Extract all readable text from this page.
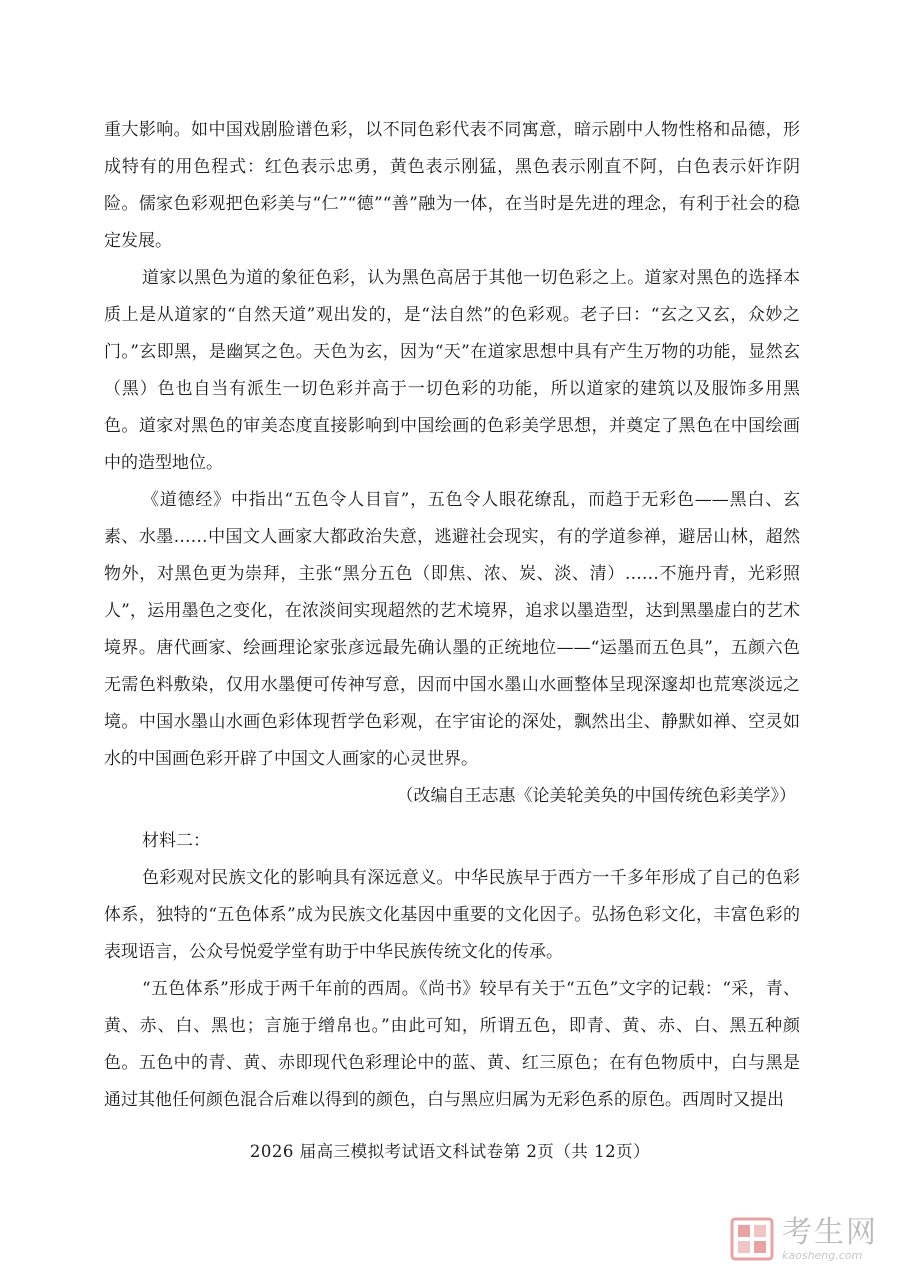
重大影响。如中国戏剧脸谱色彩，以不同色彩代表不同寓意，暗示剧中人物性格和品德，形成特有的用色程式：红色表示忠勇，黄色表示刚猛，黑色表示刚直不阿，白色表示奸诈阴险。儒家色彩观把色彩美与“仁”“德”“善”融为一体，在当时是先进的理念，有利于社会的稳定发展。

道家以黑色为道的象征色彩，认为黑色高居于其他一切色彩之上。道家对黑色的选择本质上是从道家的“自然天道”观出发的，是“法自然”的色彩观。老子曰：“玄之又玄，众妙之门。”玄即黑，是幽冥之色。天色为玄，因为“天”在道家思想中具有产生万物的功能，显然玄（黑）色也自当有派生一切色彩并高于一切色彩的功能，所以道家的建筑以及服饰多用黑色。道家对黑色的审美态度直接影响到中国绘画的色彩美学思想，并奠定了黑色在中国绘画中的造型地位。

《道德经》中指出“五色令人目盲”，五色令人眼花缭乱，而趋于无彩色——黑白、玄素、水墨……中国文人画家大都政治失意，逃避社会现实，有的学道参禅，避居山林，超然物外，对黑色更为崇拜，主张“黑分五色（即焦、浓、炭、淡、清）……不施丹青，光彩照人”，运用墨色之变化，在浓淡间实现超然的艺术境界，追求以墨造型，达到黑墨虚白的艺术境界。唐代画家、绘画理论家张彦远最先确认墨的正统地位——“运墨而五色具”，五颜六色无需色料敷染，仅用水墨便可传神写意，因而中国水墨山水画整体呈现深邃却也荒寒淡远之境。中国水墨山水画色彩体现哲学色彩观，在宇宙论的深处，飘然出尘、静默如禅、空灵如水的中国画色彩开辟了中国文人画家的心灵世界。

（改编自王志惠《论美轮美奂的中国传统色彩美学》）

材料二：

色彩观对民族文化的影响具有深远意义。中华民族早于西方一千多年形成了自己的色彩体系，独特的“五色体系”成为民族文化基因中重要的文化因子。弘扬色彩文化，丰富色彩的表现语言，公众号悦爱学堂有助于中华民族传统文化的传承。

“五色体系”形成于两千年前的西周。《尚书》较早有关于“五色”文字的记载：“采，青、黄、赤、白、黑也；言施于缯帛也。”由此可知，所谓五色，即青、黄、赤、白、黑五种颜色。五色中的青、黄、赤即现代色彩理论中的蓝、黄、红三原色；在有色物质中，白与黑是通过其他任何颜色混合后难以得到的颜色，白与黑应归属为无彩色系的原色。西周时又提出

2026 届高三模拟考试语文科试卷第 2页（共 12页）
考生网
kaosheng.com
